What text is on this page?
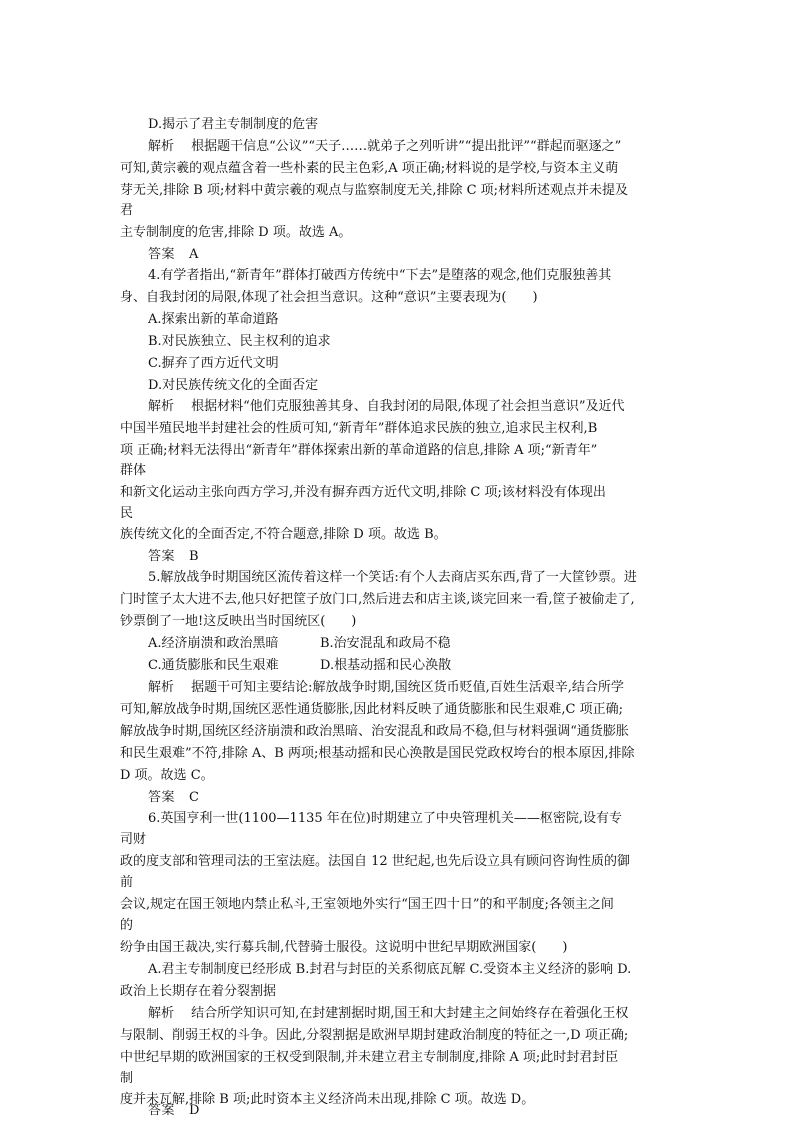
D.揭示了君主专制制度的危害
解析　 根据题干信息“公议”“天子……就弟子之列听讲”“提出批评”“群起而驱逐之”
可知,黄宗羲的观点蕴含着一些朴素的民主色彩,A 项正确;材料说的是学校,与资本主义萌
芽无关,排除 B 项;材料中黄宗羲的观点与监察制度无关,排除 C 项;材料所述观点并未提及
君
主专制制度的危害,排除 D 项。故选 A。
答案 A
4.有学者指出,“新青年”群体打破西方传统中“下去”是堕落的观念,他们克服独善其
身、自我封闭的局限,体现了社会担当意识。这种“意识”主要表现为(　　)
A.探索出新的革命道路
B.对民族独立、民主权利的追求
C.摒弃了西方近代文明
D.对民族传统文化的全面否定
解析　 根据材料“他们克服独善其身、自我封闭的局限,体现了社会担当意识”及近代
中国半殖民地半封建社会的性质可知,“新青年”群体追求民族的独立,追求民主权利,B
项 正确;材料无法得出“新青年”群体探索出新的革命道路的信息,排除 A 项;“新青年”
群体
和新文化运动主张向西方学习,并没有摒弃西方近代文明,排除 C 项;该材料没有体现出
民
族传统文化的全面否定,不符合题意,排除 D 项。故选 B。
答案 B
5.解放战争时期国统区流传着这样一个笑话:有个人去商店买东西,背了一大筐钞票。进
门时筐子太大进不去,他只好把筐子放门口,然后进去和店主谈,谈完回来一看,筐子被偷走了,
钞票倒了一地!这反映出当时国统区(　　)
A.经济崩溃和政治黑暗	B.治安混乱和政局不稳
C.通货膨胀和民生艰难	D.根基动摇和民心涣散
解析　 据题干可知主要结论:解放战争时期,国统区货币贬值,百姓生活艰辛,结合所学
可知,解放战争时期,国统区恶性通货膨胀,因此材料反映了通货膨胀和民生艰难,C 项正确;
解放战争时期,国统区经济崩溃和政治黑暗、治安混乱和政局不稳,但与材料强调“通货膨胀
和民生艰难”不符,排除 A、B 两项;根基动摇和民心涣散是国民党政权垮台的根本原因,排除
D 项。故选 C。
答案 C
6.英国亨利一世(1100—1135 年在位)时期建立了中央管理机关——枢密院,设有专
司财
政的度支部和管理司法的王室法庭。法国自 12 世纪起,也先后设立具有顾问咨询性质的御
前
会议,规定在国王领地内禁止私斗,王室领地外实行“国王四十日”的和平制度;各领主之间
的
纷争由国王裁决,实行募兵制,代替骑士服役。这说明中世纪早期欧洲国家(　　)
A.君主专制制度已经形成 B.封君与封臣的关系彻底瓦解 C.受资本主义经济的影响 D.
政治上长期存在着分裂割据
解析　 结合所学知识可知,在封建割据时期,国王和大封建主之间始终存在着强化王权
与限制、削弱王权的斗争。因此,分裂割据是欧洲早期封建政治制度的特征之一,D 项正确;
中世纪早期的欧洲国家的王权受到限制,并未建立君主专制制度,排除 A 项;此时封君封臣
制
度并未瓦解,排除 B 项;此时资本主义经济尚未出现,排除 C 项。故选 D。
答案 D
